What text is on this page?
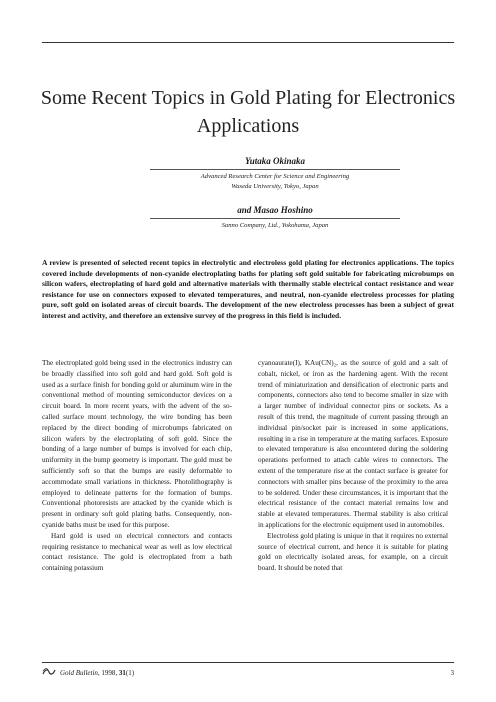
Some Recent Topics in Gold Plating for Electronics Applications
Yutaka Okinaka
Advanced Research Center for Science and Engineering
Waseda University, Tokyo, Japan
and Masao Hoshino
Sanno Company, Ltd., Yokohama, Japan

A review is presented of selected recent topics in electrolytic and electroless gold plating for electronics applications. The topics covered include developments of non-cyanide electroplating baths for plating soft gold suitable for fabricating microbumps on silicon wafers, electroplating of hard gold and alternative materials with thermally stable electrical contact resistance and wear resistance for use on connectors exposed to elevated temperatures, and neutral, non-cyanide electroless processes for plating pure, soft gold on isolated areas of circuit boards. The development of the new electroless processes has been a subject of great interest and activity, and therefore an extensive survey of the progress in this field is included.

The electroplated gold being used in the electronics industry can be broadly classified into soft gold and hard gold. Soft gold is used as a surface finish for bonding gold or aluminum wire in the conventional method of mounting semiconductor devices on a circuit board. In more recent years, with the advent of the so-called surface mount technology, the wire bonding has been replaced by the direct bonding of microbumps fabricated on silicon wafers by the electroplating of soft gold. Since the bonding of a large number of bumps is involved for each chip, uniformity in the bump geometry is important. The gold must be sufficiently soft so that the bumps are easily deformable to accommodate small variations in thickness. Photolithography is employed to delineate patterns for the formation of bumps. Conventional photoresists are attacked by the cyanide which is present in ordinary soft gold plating baths. Consequently, non-cyanide baths must be used for this purpose.

Hard gold is used on electrical connectors and contacts requiring resistance to mechanical wear as well as low electrical contact resistance. The gold is electroplated from a bath containing potassium

cyanoaurate(I), KAu(CN)₂, as the source of gold and a salt of cobalt, nickel, or iron as the hardening agent. With the recent trend of miniaturization and densification of electronic parts and components, connectors also tend to become smaller in size with a larger number of individual connector pins or sockets. As a result of this trend, the magnitude of current passing through an individual pin/socket pair is increased in some applications, resulting in a rise in temperature at the mating surfaces. Exposure to elevated temperature is also encountered during the soldering operations performed to attach cable wires to connectors. The extent of the temperature rise at the contact surface is greater for connectors with smaller pins because of the proximity to the area to be soldered. Under these circumstances, it is important that the electrical resistance of the contact material remains low and stable at elevated temperatures. Thermal stability is also critical in applications for the electronic equipment used in automobiles.

Electroless gold plating is unique in that it requires no external source of electrical current, and hence it is suitable for plating gold on electrically isolated areas, for example, on a circuit board. It should be noted that

Gold Bulletin, 1998, 31(1)	3
